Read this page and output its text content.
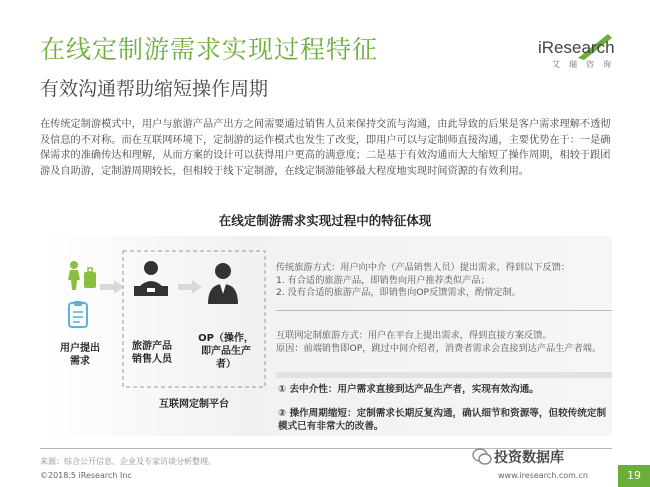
在线定制游需求实现过程特征
有效沟通帮助缩短操作周期
iResearch
艾瑞咨询
在传统定制游模式中，用户与旅游产品产出方之间需要通过销售人员来保持交流与沟通，由此导致的后果是客户需求理解不透彻及信息的不对称。而在互联网环境下，定制游的运作模式也发生了改变，即用户可以与定制师直接沟通，主要优势在于：一是确保需求的准确传达和理解，从而方案的设计可以获得用户更高的满意度；二是基于有效沟通而大大缩短了操作周期，相较于跟团游及自助游，定制游周期较长，但相较于线下定制游，在线定制游能够最大程度地实现时间资源的有效利用。
在线定制游需求实现过程中的特征体现
用户提出
需求
旅游产品
销售人员
OP（操作，
即产品生产
者）
互联网定制平台
传统旅游方式：用户向中介（产品销售人员）提出需求，得到以下反馈：
1. 有合适的旅游产品，即销售向用户推荐类似产品；
2. 没有合适的旅游产品，即销售向OP反馈需求，酌情定制。
互联网定制旅游方式：用户在平台上提出需求，得到直接方案反馈。
原因：前端销售即OP，跳过中间介绍者，消费者需求会直接到达产品生产者端。
① 去中介性：用户需求直接到达产品生产者，实现有效沟通。
② 操作周期缩短：定制需求长期反复沟通，确认细节和资源等，但较传统定制模式已有非常大的改善。
来源：综合公开信息、企业及专家访谈分析整理。
©2018.5 iResearch Inc
投资数据库
www.iresearch.com.cn	19
